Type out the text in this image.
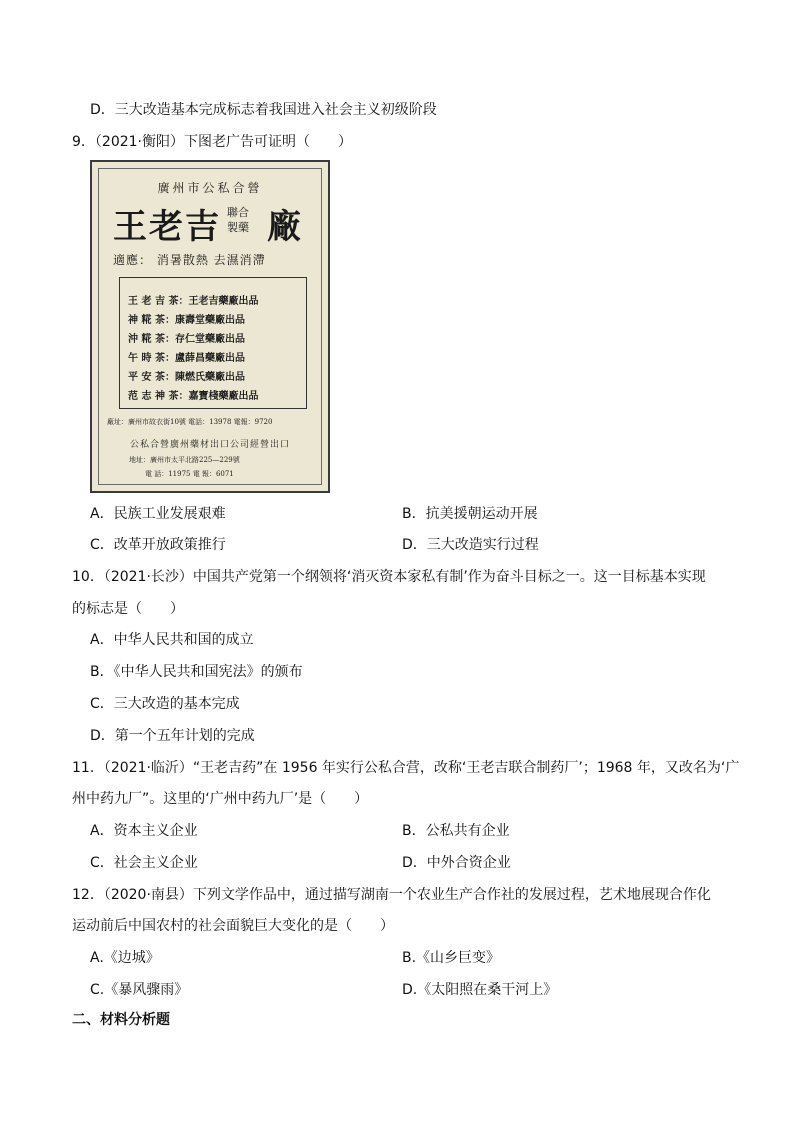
D．三大改造基本完成标志着我国进入社会主义初级阶段
9．（2021·衡阳）下图老广告可证明（　　）
廣州市公私合營
王老吉 聯合
製藥 廠
適應： 消暑散熱 去濕消滯
王 老 吉 茶：王老吉藥廠出品
神 糀 茶：康壽堂藥廠出品
沖 糀 茶：存仁堂藥廠出品
午 時 茶：盧薛昌藥廠出品
平 安 茶：陳燃氏藥廠出品
范 志 神 茶：嘉寶棧藥廠出品
廠址：廣州市故衣街10號 電話：13978 電報：9720
公私合營廣州藥材出口公司經營出口
地址：廣州市太平北路225—229號
電 話：11975 電 報：6071
A．民族工业发展艰难	B．抗美援朝运动开展
C．改革开放政策推行	D．三大改造实行过程
10．（2021·长沙）中国共产党第一个纲领将‘消灭资本家私有制’作为奋斗目标之一。这一目标基本实现
的标志是（　　）
A．中华人民共和国的成立
B．《中华人民共和国宪法》的颁布
C．三大改造的基本完成
D．第一个五年计划的完成
11．（2021·临沂）“王老吉药”在 1956 年实行公私合营，改称‘王老吉联合制药厂’；1968 年，又改名为‘广
州中药九厂”。这里的‘广州中药九厂’是（　　）
A．资本主义企业	B．公私共有企业
C．社会主义企业	D．中外合资企业
12．（2020·南县）下列文学作品中，通过描写湖南一个农业生产合作社的发展过程，艺术地展现合作化
运动前后中国农村的社会面貌巨大变化的是（　　）
A.《边城》	B.《山乡巨变》
C.《暴风骤雨》	D.《太阳照在桑干河上》
二、材料分析题
